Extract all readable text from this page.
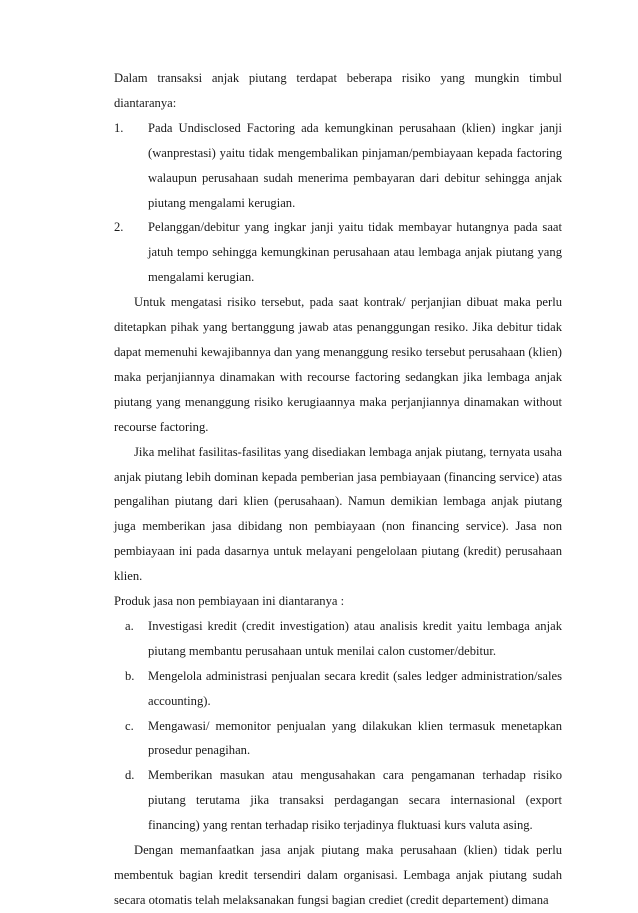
Dalam transaksi anjak piutang terdapat beberapa risiko yang mungkin timbul diantaranya:

1. Pada Undisclosed Factoring ada kemungkinan perusahaan (klien) ingkar janji (wanprestasi) yaitu tidak mengembalikan pinjaman/pembiayaan kepada factoring walaupun perusahaan sudah menerima pembayaran dari debitur sehingga anjak piutang mengalami kerugian.
2. Pelanggan/debitur yang ingkar janji yaitu tidak membayar hutangnya pada saat jatuh tempo sehingga kemungkinan perusahaan atau lembaga anjak piutang yang mengalami kerugian.

Untuk mengatasi risiko tersebut, pada saat kontrak/ perjanjian dibuat maka perlu ditetapkan pihak yang bertanggung jawab atas penanggungan resiko. Jika debitur tidak dapat memenuhi kewajibannya dan yang menanggung resiko tersebut perusahaan (klien) maka perjanjiannya dinamakan with recourse factoring sedangkan jika lembaga anjak piutang yang menanggung risiko kerugiaannya maka perjanjiannya dinamakan without recourse factoring.

Jika melihat fasilitas-fasilitas yang disediakan lembaga anjak piutang, ternyata usaha anjak piutang lebih dominan kepada pemberian jasa pembiayaan (financing service) atas pengalihan piutang dari klien (perusahaan). Namun demikian lembaga anjak piutang juga memberikan jasa dibidang non pembiayaan (non financing service). Jasa non pembiayaan ini pada dasarnya untuk melayani pengelolaan piutang (kredit) perusahaan klien.

Produk jasa non pembiayaan ini diantaranya :

a. Investigasi kredit (credit investigation) atau analisis kredit yaitu lembaga anjak piutang membantu perusahaan untuk menilai calon customer/debitur.
b. Mengelola administrasi penjualan secara kredit (sales ledger administration/sales accounting).
c. Mengawasi/ memonitor penjualan yang dilakukan klien termasuk menetapkan prosedur penagihan.
d. Memberikan masukan atau mengusahakan cara pengamanan terhadap risiko piutang terutama jika transaksi perdagangan secara internasional (export financing) yang rentan terhadap risiko terjadinya fluktuasi kurs valuta asing.

Dengan memanfaatkan jasa anjak piutang maka perusahaan (klien) tidak perlu membentuk bagian kredit tersendiri dalam organisasi. Lembaga anjak piutang sudah secara otomatis telah melaksanakan fungsi bagian crediet (credit departement) dimana
